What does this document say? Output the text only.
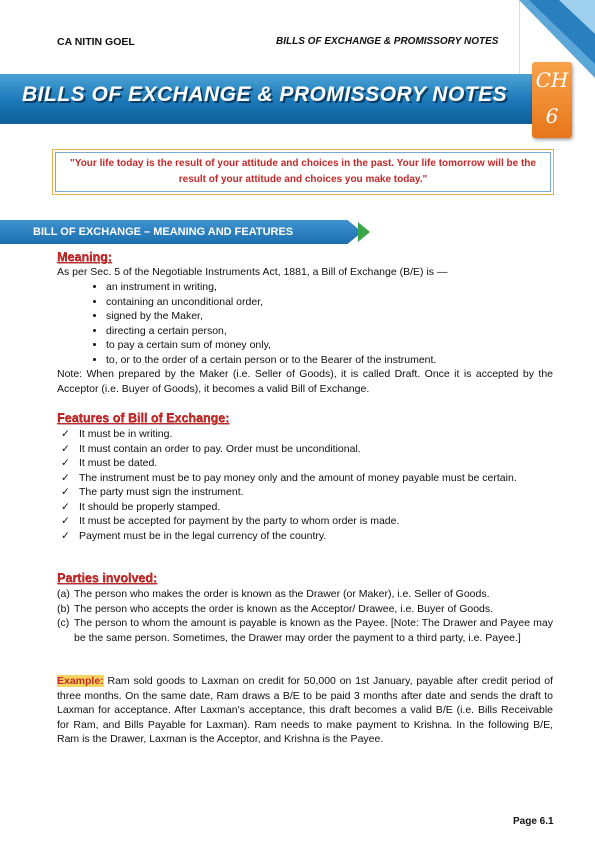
CA NITIN GOEL	BILLS OF EXCHANGE & PROMISSORY NOTES
BILLS OF EXCHANGE & PROMISSORY NOTES
CH
6
"Your life today is the result of your attitude and choices in the past. Your life tomorrow will be the result of your attitude and choices you make today."
BILL OF EXCHANGE – MEANING AND FEATURES
Meaning:
As per Sec. 5 of the Negotiable Instruments Act, 1881, a Bill of Exchange (B/E) is —
• an instrument in writing,
• containing an unconditional order,
• signed by the Maker,
• directing a certain person,
• to pay a certain sum of money only,
• to, or to the order of a certain person or to the Bearer of the instrument.
Note: When prepared by the Maker (i.e. Seller of Goods), it is called Draft. Once it is accepted by the Acceptor (i.e. Buyer of Goods), it becomes a valid Bill of Exchange.
Features of Bill of Exchange:
✓ It must be in writing.
✓ It must contain an order to pay. Order must be unconditional.
✓ It must be dated.
✓ The instrument must be to pay money only and the amount of money payable must be certain.
✓ The party must sign the instrument.
✓ It should be properly stamped.
✓ It must be accepted for payment by the party to whom order is made.
✓ Payment must be in the legal currency of the country.
Parties involved:
(a) The person who makes the order is known as the Drawer (or Maker), i.e. Seller of Goods.
(b) The person who accepts the order is known as the Acceptor/ Drawee, i.e. Buyer of Goods.
(c) The person to whom the amount is payable is known as the Payee. [Note: The Drawer and Payee may be the same person. Sometimes, the Drawer may order the payment to a third party, i.e. Payee.]
Example: Ram sold goods to Laxman on credit for 50,000 on 1st January, payable after credit period of three months. On the same date, Ram draws a B/E to be paid 3 months after date and sends the draft to Laxman for acceptance. After Laxman's acceptance, this draft becomes a valid B/E (i.e. Bills Receivable for Ram, and Bills Payable for Laxman). Ram needs to make payment to Krishna. In the following B/E, Ram is the Drawer, Laxman is the Acceptor, and Krishna is the Payee.
Page 6.1
